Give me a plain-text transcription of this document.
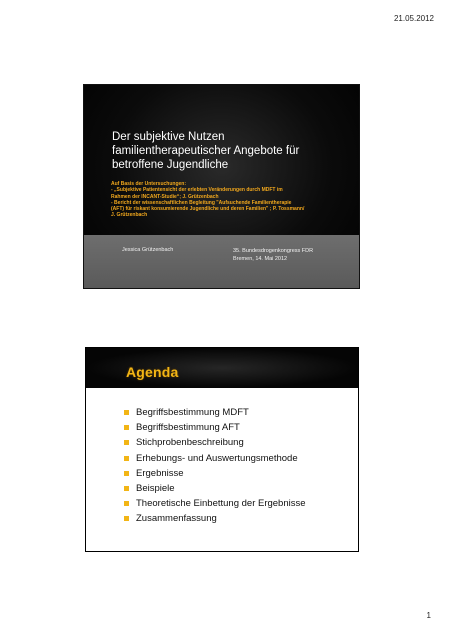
21.05.2012
Der subjektive Nutzen
familientherapeutischer Angebote für
betroffene Jugendliche
Auf Basis der Untersuchungen:
- „Subjektive Patientensicht der erlebten Veränderungen durch MDFT im
Rahmen der INCANT-Studie“; J. Grützenbach
- Bericht der wissenschaftlichen Begleitung "Aufsuchende Familientherapie
(AFT) für riskant konsumierende Jugendliche und deren Familien" ; P. Tossmann/
J. Grützenbach
Jessica Grützenbach	35. Bundesdrogenkongress FDR
Bremen, 14. Mai 2012
Agenda
Begriffsbestimmung MDFT
Begriffsbestimmung AFT
Stichprobenbeschreibung
Erhebungs- und Auswertungsmethode
Ergebnisse
Beispiele
Theoretische Einbettung der Ergebnisse
Zusammenfassung
1
